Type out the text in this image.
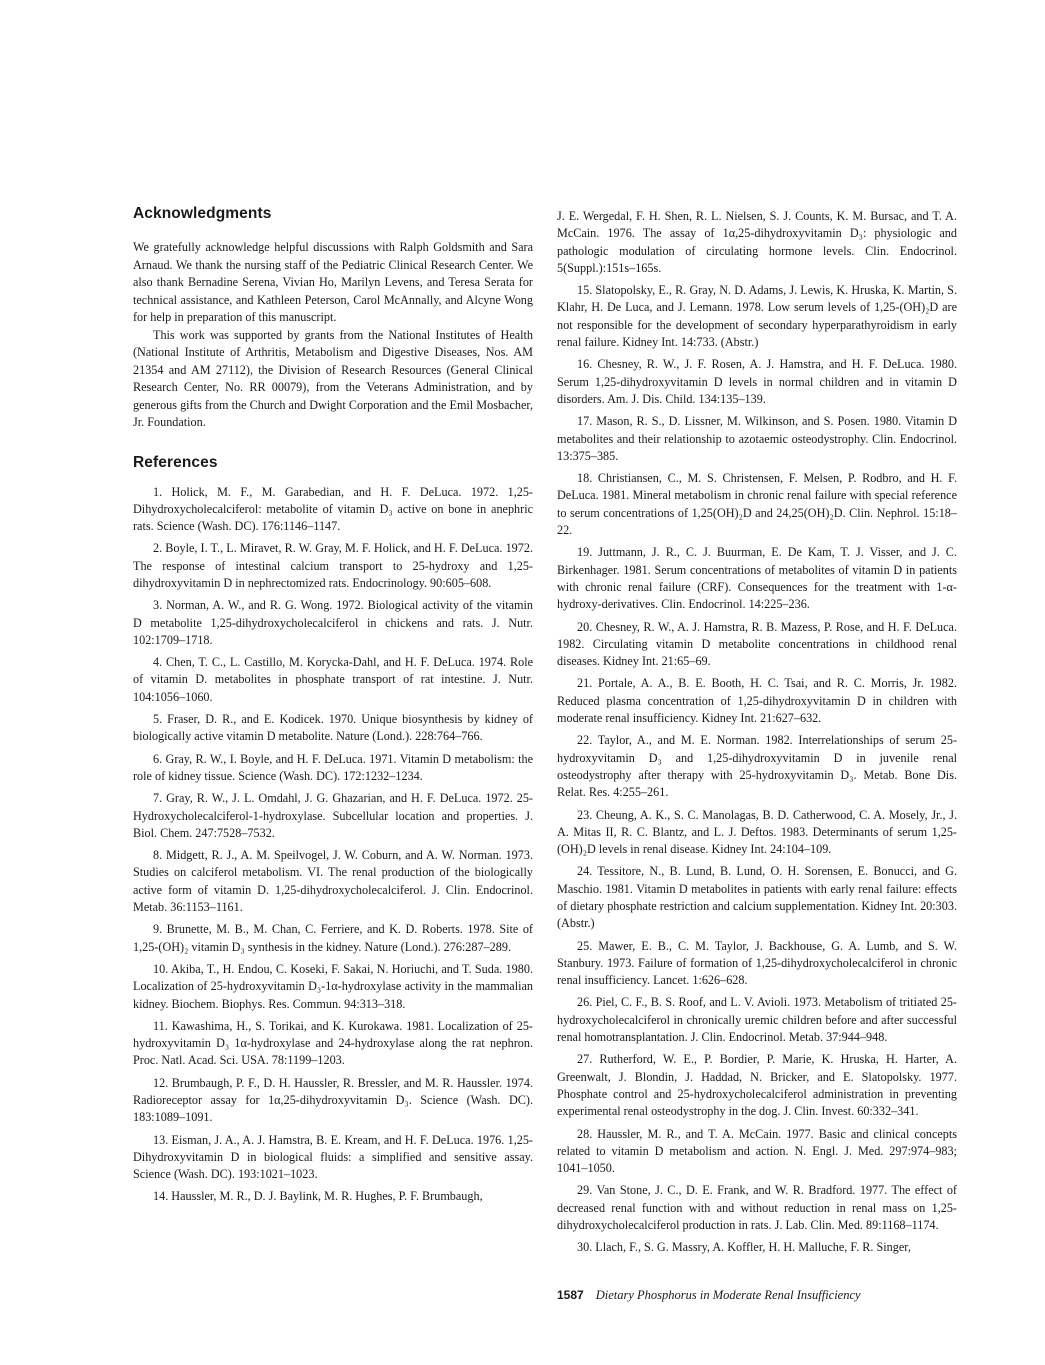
Acknowledgments

We gratefully acknowledge helpful discussions with Ralph Goldsmith and Sara Arnaud. We thank the nursing staff of the Pediatric Clinical Research Center. We also thank Bernadine Serena, Vivian Ho, Marilyn Levens, and Teresa Serata for technical assistance, and Kathleen Peterson, Carol McAnnally, and Alcyne Wong for help in preparation of this manuscript.

This work was supported by grants from the National Institutes of Health (National Institute of Arthritis, Metabolism and Digestive Diseases, Nos. AM 21354 and AM 27112), the Division of Research Resources (General Clinical Research Center, No. RR 00079), from the Veterans Administration, and by generous gifts from the Church and Dwight Corporation and the Emil Mosbacher, Jr. Foundation.

References

1. Holick, M. F., M. Garabedian, and H. F. DeLuca. 1972. 1,25-Dihydroxycholecalciferol: metabolite of vitamin D₃ active on bone in anephric rats. Science (Wash. DC). 176:1146–1147.

2. Boyle, I. T., L. Miravet, R. W. Gray, M. F. Holick, and H. F. DeLuca. 1972. The response of intestinal calcium transport to 25-hydroxy and 1,25-dihydroxyvitamin D in nephrectomized rats. Endocrinology. 90:605–608.

3. Norman, A. W., and R. G. Wong. 1972. Biological activity of the vitamin D metabolite 1,25-dihydroxycholecalciferol in chickens and rats. J. Nutr. 102:1709–1718.

4. Chen, T. C., L. Castillo, M. Korycka-Dahl, and H. F. DeLuca. 1974. Role of vitamin D. metabolites in phosphate transport of rat intestine. J. Nutr. 104:1056–1060.

5. Fraser, D. R., and E. Kodicek. 1970. Unique biosynthesis by kidney of biologically active vitamin D metabolite. Nature (Lond.). 228:764–766.

6. Gray, R. W., I. Boyle, and H. F. DeLuca. 1971. Vitamin D metabolism: the role of kidney tissue. Science (Wash. DC). 172:1232–1234.

7. Gray, R. W., J. L. Omdahl, J. G. Ghazarian, and H. F. DeLuca. 1972. 25-Hydroxycholecalciferol-1-hydroxylase. Subcellular location and properties. J. Biol. Chem. 247:7528–7532.

8. Midgett, R. J., A. M. Speilvogel, J. W. Coburn, and A. W. Norman. 1973. Studies on calciferol metabolism. VI. The renal production of the biologically active form of vitamin D. 1,25-dihydroxycholecalciferol. J. Clin. Endocrinol. Metab. 36:1153–1161.

9. Brunette, M. B., M. Chan, C. Ferriere, and K. D. Roberts. 1978. Site of 1,25-(OH)₂ vitamin D₃ synthesis in the kidney. Nature (Lond.). 276:287–289.

10. Akiba, T., H. Endou, C. Koseki, F. Sakai, N. Horiuchi, and T. Suda. 1980. Localization of 25-hydroxyvitamin D₃-1α-hydroxylase activity in the mammalian kidney. Biochem. Biophys. Res. Commun. 94:313–318.

11. Kawashima, H., S. Torikai, and K. Kurokawa. 1981. Localization of 25-hydroxyvitamin D₃ 1α-hydroxylase and 24-hydroxylase along the rat nephron. Proc. Natl. Acad. Sci. USA. 78:1199–1203.

12. Brumbaugh, P. F., D. H. Haussler, R. Bressler, and M. R. Haussler. 1974. Radioreceptor assay for 1α,25-dihydroxyvitamin D₃. Science (Wash. DC). 183:1089–1091.

13. Eisman, J. A., A. J. Hamstra, B. E. Kream, and H. F. DeLuca. 1976. 1,25-Dihydroxyvitamin D in biological fluids: a simplified and sensitive assay. Science (Wash. DC). 193:1021–1023.

14. Haussler, M. R., D. J. Baylink, M. R. Hughes, P. F. Brumbaugh,

J. E. Wergedal, F. H. Shen, R. L. Nielsen, S. J. Counts, K. M. Bursac, and T. A. McCain. 1976. The assay of 1α,25-dihydroxyvitamin D₃: physiologic and pathologic modulation of circulating hormone levels. Clin. Endocrinol. 5(Suppl.):151s–165s.

15. Slatopolsky, E., R. Gray, N. D. Adams, J. Lewis, K. Hruska, K. Martin, S. Klahr, H. De Luca, and J. Lemann. 1978. Low serum levels of 1,25-(OH)₂D are not responsible for the development of secondary hyperparathyroidism in early renal failure. Kidney Int. 14:733. (Abstr.)

16. Chesney, R. W., J. F. Rosen, A. J. Hamstra, and H. F. DeLuca. 1980. Serum 1,25-dihydroxyvitamin D levels in normal children and in vitamin D disorders. Am. J. Dis. Child. 134:135–139.

17. Mason, R. S., D. Lissner, M. Wilkinson, and S. Posen. 1980. Vitamin D metabolites and their relationship to azotaemic osteodystrophy. Clin. Endocrinol. 13:375–385.

18. Christiansen, C., M. S. Christensen, F. Melsen, P. Rodbro, and H. F. DeLuca. 1981. Mineral metabolism in chronic renal failure with special reference to serum concentrations of 1,25(OH)₂D and 24,25(OH)₂D. Clin. Nephrol. 15:18–22.

19. Juttmann, J. R., C. J. Buurman, E. De Kam, T. J. Visser, and J. C. Birkenhager. 1981. Serum concentrations of metabolites of vitamin D in patients with chronic renal failure (CRF). Consequences for the treatment with 1-α-hydroxy-derivatives. Clin. Endocrinol. 14:225–236.

20. Chesney, R. W., A. J. Hamstra, R. B. Mazess, P. Rose, and H. F. DeLuca. 1982. Circulating vitamin D metabolite concentrations in childhood renal diseases. Kidney Int. 21:65–69.

21. Portale, A. A., B. E. Booth, H. C. Tsai, and R. C. Morris, Jr. 1982. Reduced plasma concentration of 1,25-dihydroxyvitamin D in children with moderate renal insufficiency. Kidney Int. 21:627–632.

22. Taylor, A., and M. E. Norman. 1982. Interrelationships of serum 25-hydroxyvitamin D₃ and 1,25-dihydroxyvitamin D in juvenile renal osteodystrophy after therapy with 25-hydroxyvitamin D₃. Metab. Bone Dis. Relat. Res. 4:255–261.

23. Cheung, A. K., S. C. Manolagas, B. D. Catherwood, C. A. Mosely, Jr., J. A. Mitas II, R. C. Blantz, and L. J. Deftos. 1983. Determinants of serum 1,25-(OH)₂D levels in renal disease. Kidney Int. 24:104–109.

24. Tessitore, N., B. Lund, B. Lund, O. H. Sorensen, E. Bonucci, and G. Maschio. 1981. Vitamin D metabolites in patients with early renal failure: effects of dietary phosphate restriction and calcium supplementation. Kidney Int. 20:303. (Abstr.)

25. Mawer, E. B., C. M. Taylor, J. Backhouse, G. A. Lumb, and S. W. Stanbury. 1973. Failure of formation of 1,25-dihydroxycholecalciferol in chronic renal insufficiency. Lancet. 1:626–628.

26. Piel, C. F., B. S. Roof, and L. V. Avioli. 1973. Metabolism of tritiated 25-hydroxycholecalciferol in chronically uremic children before and after successful renal homotransplantation. J. Clin. Endocrinol. Metab. 37:944–948.

27. Rutherford, W. E., P. Bordier, P. Marie, K. Hruska, H. Harter, A. Greenwalt, J. Blondin, J. Haddad, N. Bricker, and E. Slatopolsky. 1977. Phosphate control and 25-hydroxycholecalciferol administration in preventing experimental renal osteodystrophy in the dog. J. Clin. Invest. 60:332–341.

28. Haussler, M. R., and T. A. McCain. 1977. Basic and clinical concepts related to vitamin D metabolism and action. N. Engl. J. Med. 297:974–983; 1041–1050.

29. Van Stone, J. C., D. E. Frank, and W. R. Bradford. 1977. The effect of decreased renal function with and without reduction in renal mass on 1,25-dihydroxycholecalciferol production in rats. J. Lab. Clin. Med. 89:1168–1174.

30. Llach, F., S. G. Massry, A. Koffler, H. H. Malluche, F. R. Singer,

1587 Dietary Phosphorus in Moderate Renal Insufficiency
